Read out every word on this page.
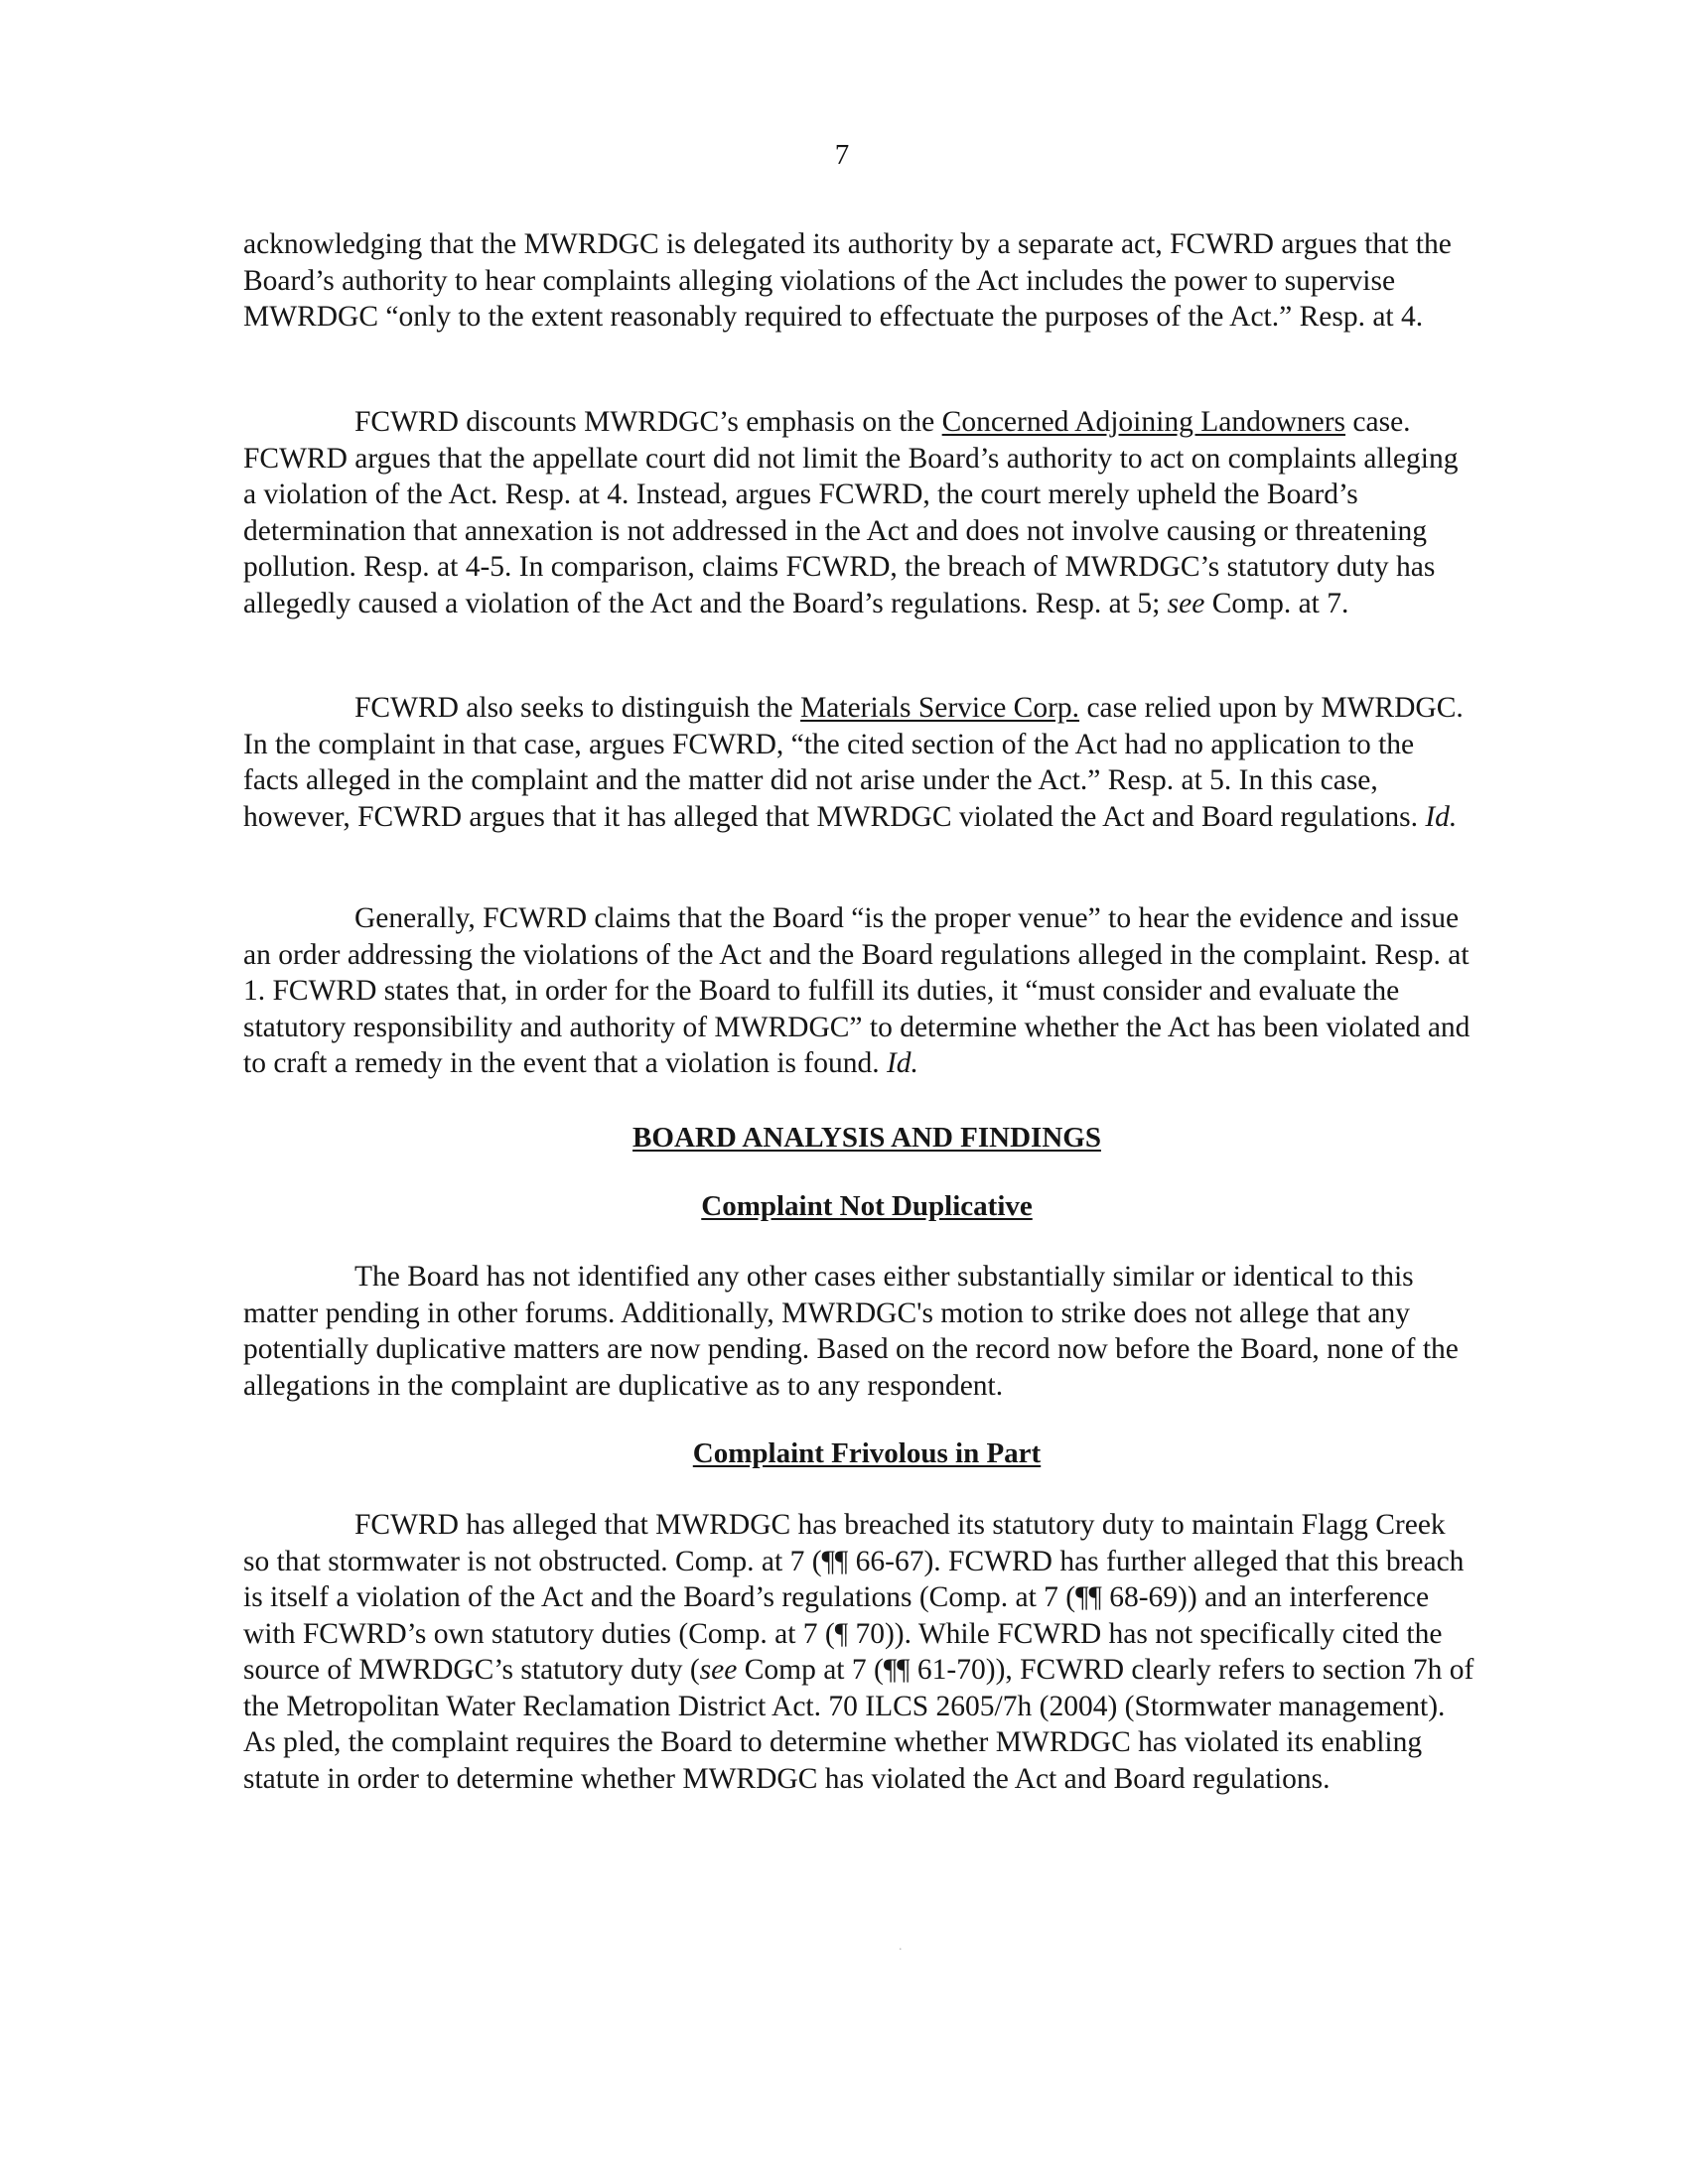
7

acknowledging that the MWRDGC is delegated its authority by a separate act, FCWRD argues that the Board’s authority to hear complaints alleging violations of the Act includes the power to supervise MWRDGC “only to the extent reasonably required to effectuate the purposes of the Act.” Resp. at 4.

FCWRD discounts MWRDGC’s emphasis on the Concerned Adjoining Landowners case. FCWRD argues that the appellate court did not limit the Board’s authority to act on complaints alleging a violation of the Act. Resp. at 4. Instead, argues FCWRD, the court merely upheld the Board’s determination that annexation is not addressed in the Act and does not involve causing or threatening pollution. Resp. at 4-5. In comparison, claims FCWRD, the breach of MWRDGC’s statutory duty has allegedly caused a violation of the Act and the Board’s regulations. Resp. at 5; see Comp. at 7.

FCWRD also seeks to distinguish the Materials Service Corp. case relied upon by MWRDGC. In the complaint in that case, argues FCWRD, “the cited section of the Act had no application to the facts alleged in the complaint and the matter did not arise under the Act.” Resp. at 5. In this case, however, FCWRD argues that it has alleged that MWRDGC violated the Act and Board regulations. Id.

Generally, FCWRD claims that the Board “is the proper venue” to hear the evidence and issue an order addressing the violations of the Act and the Board regulations alleged in the complaint. Resp. at 1. FCWRD states that, in order for the Board to fulfill its duties, it “must consider and evaluate the statutory responsibility and authority of MWRDGC” to determine whether the Act has been violated and to craft a remedy in the event that a violation is found. Id.

BOARD ANALYSIS AND FINDINGS
Complaint Not Duplicative

The Board has not identified any other cases either substantially similar or identical to this matter pending in other forums. Additionally, MWRDGC's motion to strike does not allege that any potentially duplicative matters are now pending. Based on the record now before the Board, none of the allegations in the complaint are duplicative as to any respondent.

Complaint Frivolous in Part

FCWRD has alleged that MWRDGC has breached its statutory duty to maintain Flagg Creek so that stormwater is not obstructed. Comp. at 7 (¶¶ 66-67). FCWRD has further alleged that this breach is itself a violation of the Act and the Board’s regulations (Comp. at 7 (¶¶ 68-69)) and an interference with FCWRD’s own statutory duties (Comp. at 7 (¶ 70)). While FCWRD has not specifically cited the source of MWRDGC’s statutory duty (see Comp at 7 (¶¶ 61-70)), FCWRD clearly refers to section 7h of the Metropolitan Water Reclamation District Act. 70 ILCS 2605/7h (2004) (Stormwater management). As pled, the complaint requires the Board to determine whether MWRDGC has violated its enabling statute in order to determine whether MWRDGC has violated the Act and Board regulations.

.
